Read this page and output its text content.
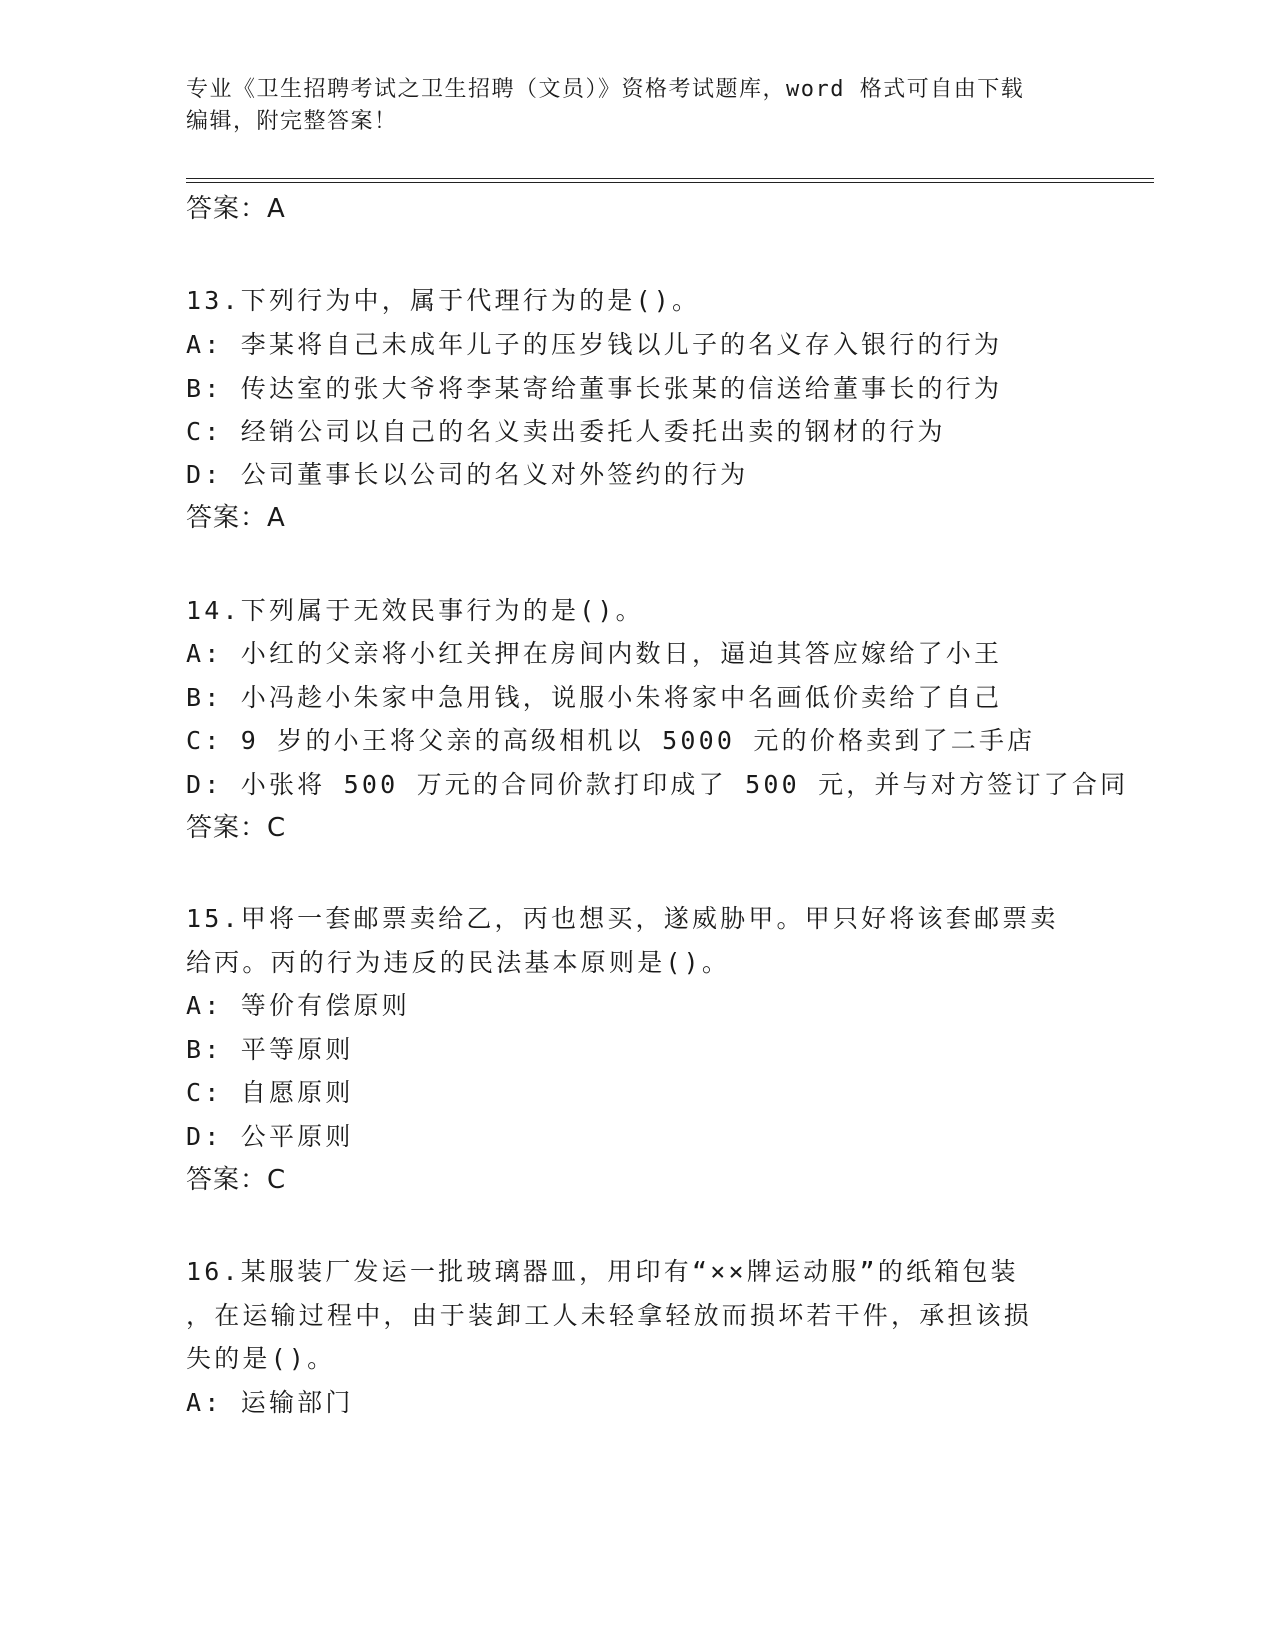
专业《卫生招聘考试之卫生招聘（文员）》资格考试题库，word 格式可自由下载
编辑，附完整答案！
答案：A
13.下列行为中，属于代理行为的是()。
A: 李某将自己未成年儿子的压岁钱以儿子的名义存入银行的行为
B: 传达室的张大爷将李某寄给董事长张某的信送给董事长的行为
C: 经销公司以自己的名义卖出委托人委托出卖的钢材的行为
D: 公司董事长以公司的名义对外签约的行为
答案：A
14.下列属于无效民事行为的是()。
A: 小红的父亲将小红关押在房间内数日，逼迫其答应嫁给了小王
B: 小冯趁小朱家中急用钱，说服小朱将家中名画低价卖给了自己
C: 9 岁的小王将父亲的高级相机以 5000 元的价格卖到了二手店
D: 小张将 500 万元的合同价款打印成了 500 元，并与对方签订了合同
答案：C
15.甲将一套邮票卖给乙，丙也想买，遂威胁甲。甲只好将该套邮票卖
给丙。丙的行为违反的民法基本原则是()。
A: 等价有偿原则
B: 平等原则
C: 自愿原则
D: 公平原则
答案：C
16.某服装厂发运一批玻璃器皿，用印有“××牌运动服”的纸箱包装
，在运输过程中，由于装卸工人未轻拿轻放而损坏若干件，承担该损
失的是()。
A: 运输部门
